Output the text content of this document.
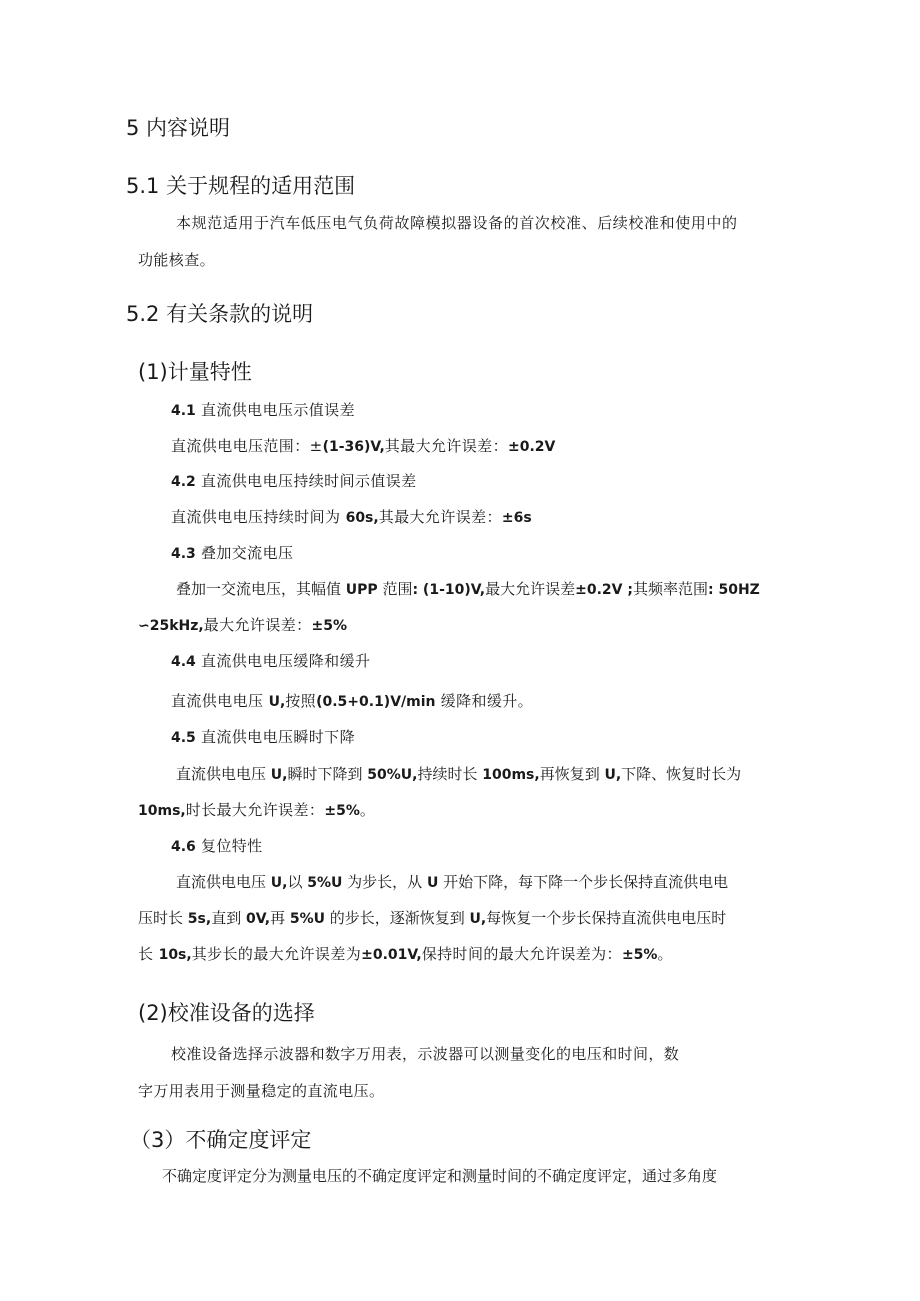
5 内容说明
5.1 关于规程的适用范围

本规范适用于汽车低压电气负荷故障模拟器设备的首次校准、后续校准和使用中的

功能核查。

5.2 有关条款的说明
(1)计量特性

4.1 直流供电电压示值误差

直流供电电压范围：±(1-36)V,其最大允许误差：±0.2V

4.2 直流供电电压持续时间示值误差

直流供电电压持续时间为 60s,其最大允许误差：±6s

4.3 叠加交流电压

叠加一交流电压，其幅值 UPP 范围: (1-10)V,最大允许误差±0.2V ;其频率范围: 50HZ

∽25kHz,最大允许误差：±5%

4.4 直流供电电压缓降和缓升

直流供电电压 U,按照(0.5+0.1)V/min 缓降和缓升。

4.5 直流供电电压瞬时下降

直流供电电压 U,瞬时下降到 50%U,持续时长 100ms,再恢复到 U,下降、恢复时长为

10ms,时长最大允许误差：±5%。

4.6 复位特性

直流供电电压 U,以 5%U 为步长，从 U 开始下降，每下降一个步长保持直流供电电

压时长 5s,直到 0V,再 5%U 的步长，逐渐恢复到 U,每恢复一个步长保持直流供电电压时

长 10s,其步长的最大允许误差为±0.01V,保持时间的最大允许误差为：±5%。

(2)校准设备的选择

校准设备选择示波器和数字万用表，示波器可以测量变化的电压和时间，数

字万用表用于测量稳定的直流电压。

（3）不确定度评定

不确定度评定分为测量电压的不确定度评定和测量时间的不确定度评定，通过多角度
